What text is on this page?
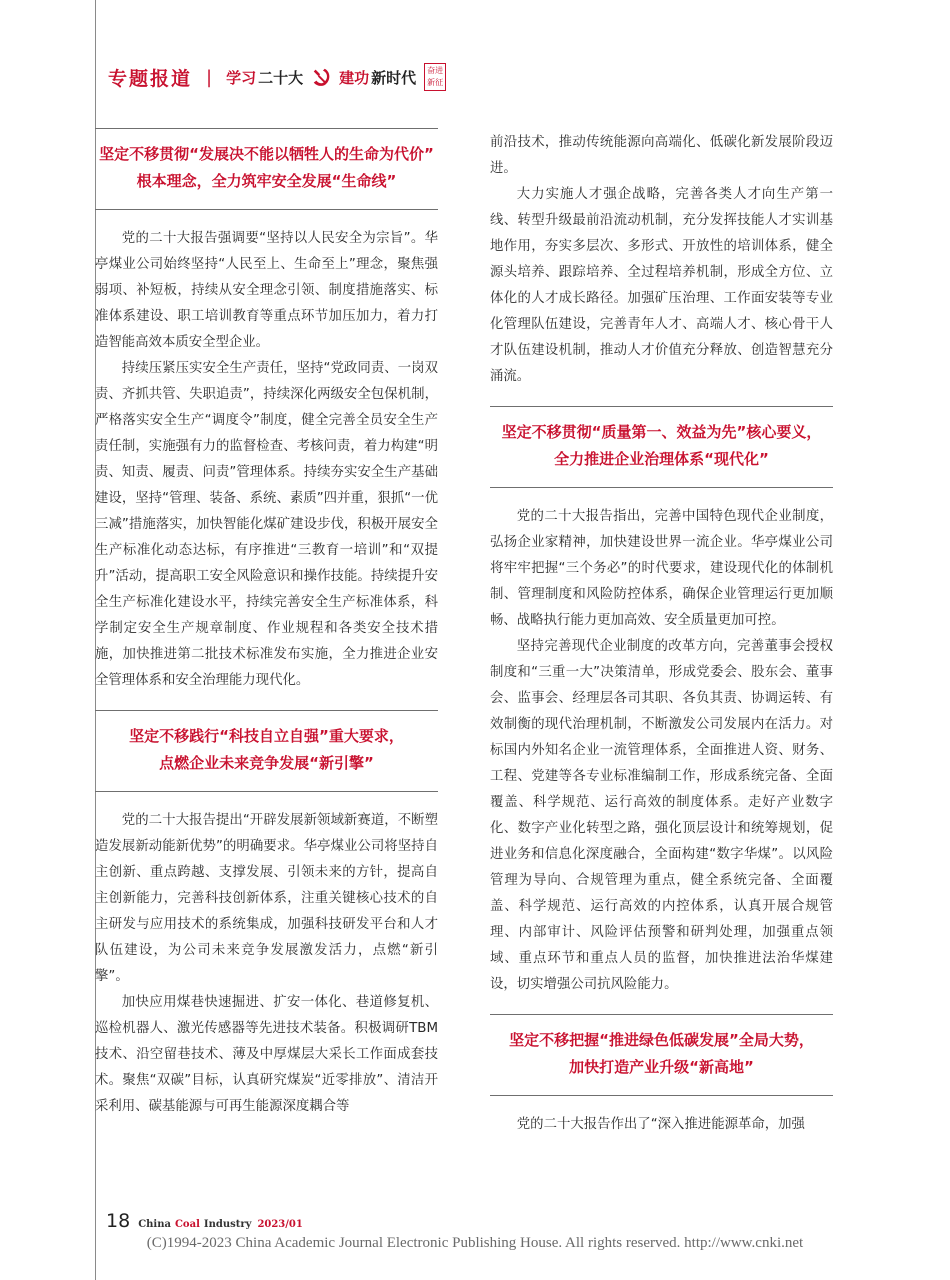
专题报道 | 学习 二十大 建功 新时代 奋进
新征
坚定不移贯彻“发展决不能以牺牲人的生命为代价”
根本理念，全力筑牢安全发展“生命线”

党的二十大报告强调要“坚持以人民安全为宗旨”。华亭煤业公司始终坚持“人民至上、生命至上”理念，聚焦强弱项、补短板，持续从安全理念引领、制度措施落实、标准体系建设、职工培训教育等重点环节加压加力，着力打造智能高效本质安全型企业。

持续压紧压实安全生产责任，坚持“党政同责、一岗双责、齐抓共管、失职追责”，持续深化两级安全包保机制，严格落实安全生产“调度令”制度，健全完善全员安全生产责任制，实施强有力的监督检查、考核问责，着力构建“明责、知责、履责、问责”管理体系。持续夯实安全生产基础建设，坚持“管理、装备、系统、素质”四并重，狠抓“一优三减”措施落实，加快智能化煤矿建设步伐，积极开展安全生产标准化动态达标，有序推进“三教育一培训”和“双提升”活动，提高职工安全风险意识和操作技能。持续提升安全生产标准化建设水平，持续完善安全生产标准体系，科学制定安全生产规章制度、作业规程和各类安全技术措施，加快推进第二批技术标准发布实施，全力推进企业安全管理体系和安全治理能力现代化。

坚定不移践行“科技自立自强”重大要求，
点燃企业未来竞争发展“新引擎”

党的二十大报告提出“开辟发展新领域新赛道，不断塑造发展新动能新优势”的明确要求。华亭煤业公司将坚持自主创新、重点跨越、支撑发展、引领未来的方针，提高自主创新能力，完善科技创新体系，注重关键核心技术的自主研发与应用技术的系统集成，加强科技研发平台和人才队伍建设，为公司未来竞争发展激发活力，点燃“新引擎”。

加快应用煤巷快速掘进、扩安一体化、巷道修复机、巡检机器人、激光传感器等先进技术装备。积极调研TBM技术、沿空留巷技术、薄及中厚煤层大采长工作面成套技术。聚焦“双碳”目标，认真研究煤炭“近零排放”、清洁开采利用、碳基能源与可再生能源深度耦合等

前沿技术，推动传统能源向高端化、低碳化新发展阶段迈进。

大力实施人才强企战略，完善各类人才向生产第一线、转型升级最前沿流动机制，充分发挥技能人才实训基地作用，夯实多层次、多形式、开放性的培训体系，健全源头培养、跟踪培养、全过程培养机制，形成全方位、立体化的人才成长路径。加强矿压治理、工作面安装等专业化管理队伍建设，完善青年人才、高端人才、核心骨干人才队伍建设机制，推动人才价值充分释放、创造智慧充分涌流。

坚定不移贯彻“质量第一、效益为先”核心要义，
全力推进企业治理体系“现代化”

党的二十大报告指出，完善中国特色现代企业制度，弘扬企业家精神，加快建设世界一流企业。华亭煤业公司将牢牢把握“三个务必”的时代要求，建设现代化的体制机制、管理制度和风险防控体系，确保企业管理运行更加顺畅、战略执行能力更加高效、安全质量更加可控。

坚持完善现代企业制度的改革方向，完善董事会授权制度和“三重一大”决策清单，形成党委会、股东会、董事会、监事会、经理层各司其职、各负其责、协调运转、有效制衡的现代治理机制，不断激发公司发展内在活力。对标国内外知名企业一流管理体系，全面推进人资、财务、工程、党建等各专业标准编制工作，形成系统完备、全面覆盖、科学规范、运行高效的制度体系。走好产业数字化、数字产业化转型之路，强化顶层设计和统筹规划，促进业务和信息化深度融合，全面构建“数字华煤”。以风险管理为导向、合规管理为重点，健全系统完备、全面覆盖、科学规范、运行高效的内控体系，认真开展合规管理、内部审计、风险评估预警和研判处理，加强重点领域、重点环节和重点人员的监督，加快推进法治华煤建设，切实增强公司抗风险能力。

坚定不移把握“推进绿色低碳发展”全局大势，
加快打造产业升级“新高地”

党的二十大报告作出了“深入推进能源革命，加强

18 China Coal Industry 2023/01
(C)1994-2023 China Academic Journal Electronic Publishing House. All rights reserved. http://www.cnki.net
